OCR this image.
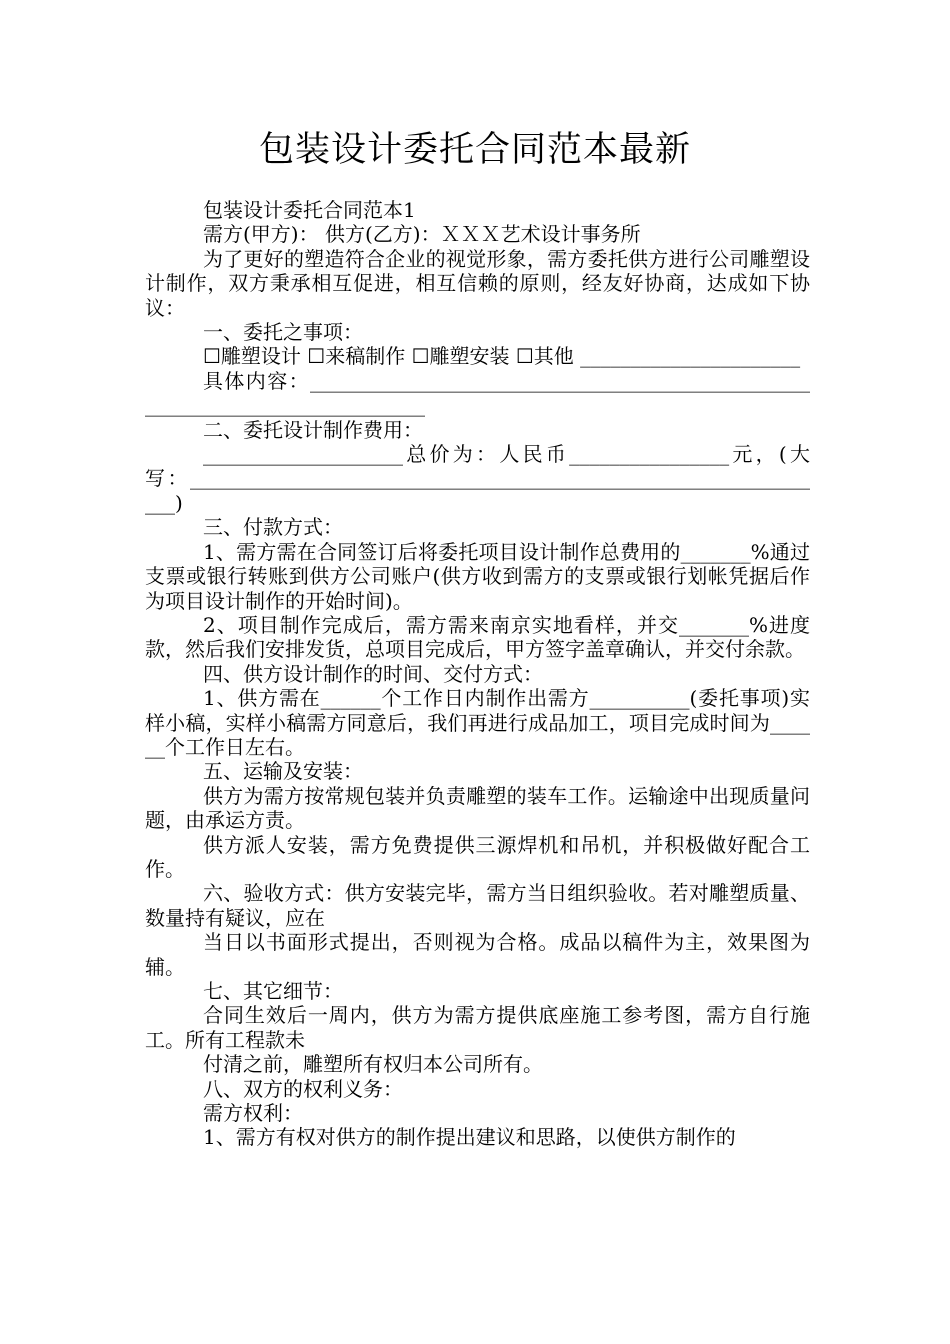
包装设计委托合同范本最新

包装设计委托合同范本1

需方(甲方)： 供方(乙方)：ＸＸＸ艺术设计事务所

为了更好的塑造符合企业的视觉形象，需方委托供方进行公司雕塑设计制作，双方秉承相互促进，相互信赖的原则，经友好协商，达成如下协议：

一、委托之事项：

☐雕塑设计 ☐来稿制作 ☐雕塑安装 ☐其他 ______________________

具体内容：______________________________________________________________________________

二、委托设计制作费用：

____________________总价为：人民币________________元，(大写：_________________________________________________________________)

三、付款方式：

1、需方需在合同签订后将委托项目设计制作总费用的_______%通过支票或银行转账到供方公司账户(供方收到需方的支票或银行划帐凭据后作为项目设计制作的开始时间)。

2、项目制作完成后，需方需来南京实地看样，并交_______%进度款，然后我们安排发货，总项目完成后，甲方签字盖章确认，并交付余款。

四、供方设计制作的时间、交付方式：

1、供方需在______个工作日内制作出需方__________(委托事项)实样小稿，实样小稿需方同意后，我们再进行成品加工，项目完成时间为______个工作日左右。

五、运输及安装：

供方为需方按常规包装并负责雕塑的装车工作。运输途中出现质量问题，由承运方责。

供方派人安装，需方免费提供三源焊机和吊机，并积极做好配合工作。

六、验收方式：供方安装完毕，需方当日组织验收。若对雕塑质量、数量持有疑议，应在

当日以书面形式提出，否则视为合格。成品以稿件为主，效果图为辅。

七、其它细节：

合同生效后一周内，供方为需方提供底座施工参考图，需方自行施工。所有工程款未

付清之前，雕塑所有权归本公司所有。

八、双方的权利义务：

需方权利：

1、需方有权对供方的制作提出建议和思路，以使供方制作的
